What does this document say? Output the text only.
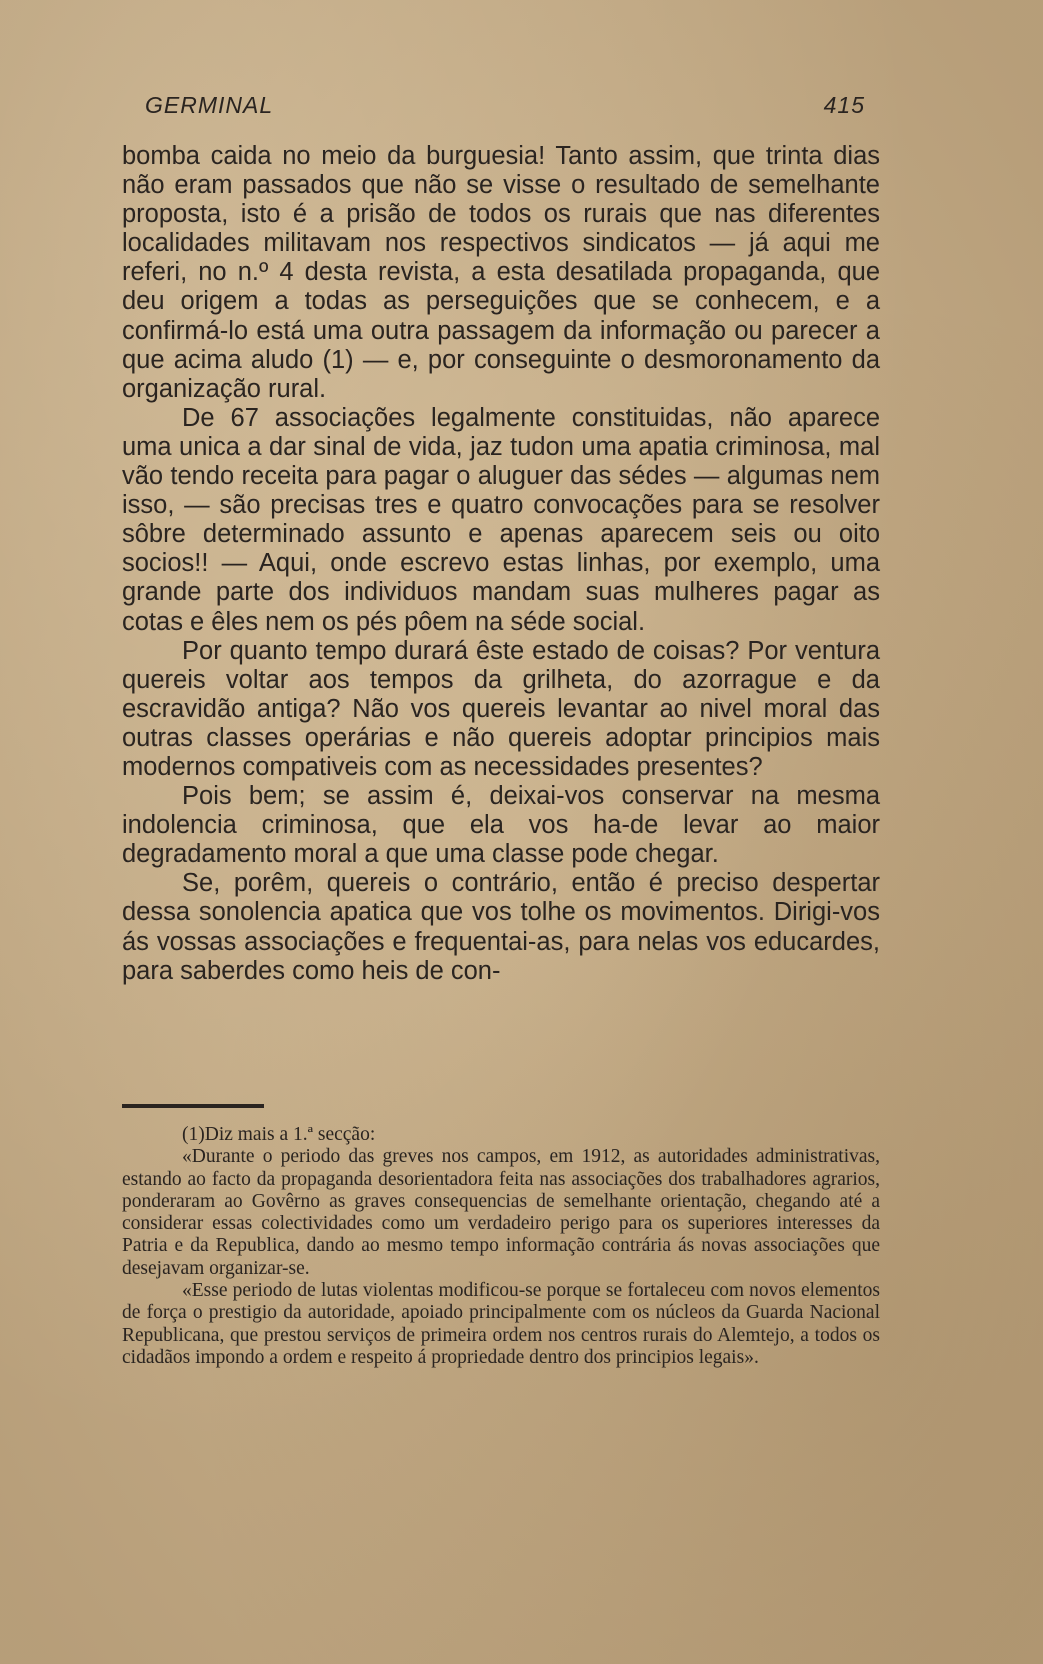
GERMINAL	415

bomba caida no meio da burguesia! Tanto assim, que trinta dias não eram passados que não se visse o resultado de semelhante proposta, isto é a prisão de todos os rurais que nas diferentes localidades militavam nos respectivos sindicatos — já aqui me referi, no n.º 4 desta revista, a esta desatilada propaganda, que deu origem a todas as perseguições que se conhecem, e a confirmá-lo está uma outra passagem da informação ou parecer a que acima aludo (1) — e, por conseguinte o desmoronamento da organização rural.

De 67 associações legalmente constituidas, não aparece uma unica a dar sinal de vida, jaz tudon uma apatia criminosa, mal vão tendo receita para pagar o aluguer das sédes — algumas nem isso, — são precisas tres e quatro convocações para se resolver sôbre determinado assunto e apenas aparecem seis ou oito socios!! — Aqui, onde escrevo estas linhas, por exemplo, uma grande parte dos individuos mandam suas mulheres pagar as cotas e êles nem os pés pôem na séde social.

Por quanto tempo durará êste estado de coisas? Por ventura quereis voltar aos tempos da grilheta, do azorrague e da escravidão antiga? Não vos quereis levantar ao nivel moral das outras classes operárias e não quereis adoptar principios mais modernos compativeis com as necessidades presentes?

Pois bem; se assim é, deixai-vos conservar na mesma indolencia criminosa, que ela vos ha-de levar ao maior degradamento moral a que uma classe pode chegar.

Se, porêm, quereis o contrário, então é preciso despertar dessa sonolencia apatica que vos tolhe os movimentos. Dirigi-vos ás vossas associações e frequentai-as, para nelas vos educardes, para saberdes como heis de con-

(1)Diz mais a 1.ª secção:

«Durante o periodo das greves nos campos, em 1912, as autoridades administrativas, estando ao facto da propaganda desorientadora feita nas associações dos trabalhadores agrarios, ponderaram ao Govêrno as graves consequencias de semelhante orientação, chegando até a considerar essas colectividades como um verdadeiro perigo para os superiores interesses da Patria e da Republica, dando ao mesmo tempo informação contrária ás novas associações que desejavam organizar-se.

«Esse periodo de lutas violentas modificou-se porque se fortaleceu com novos elementos de força o prestigio da autoridade, apoiado principalmente com os núcleos da Guarda Nacional Republicana, que prestou serviços de primeira ordem nos centros rurais do Alemtejo, a todos os cidadãos impondo a ordem e respeito á propriedade dentro dos principios legais».
